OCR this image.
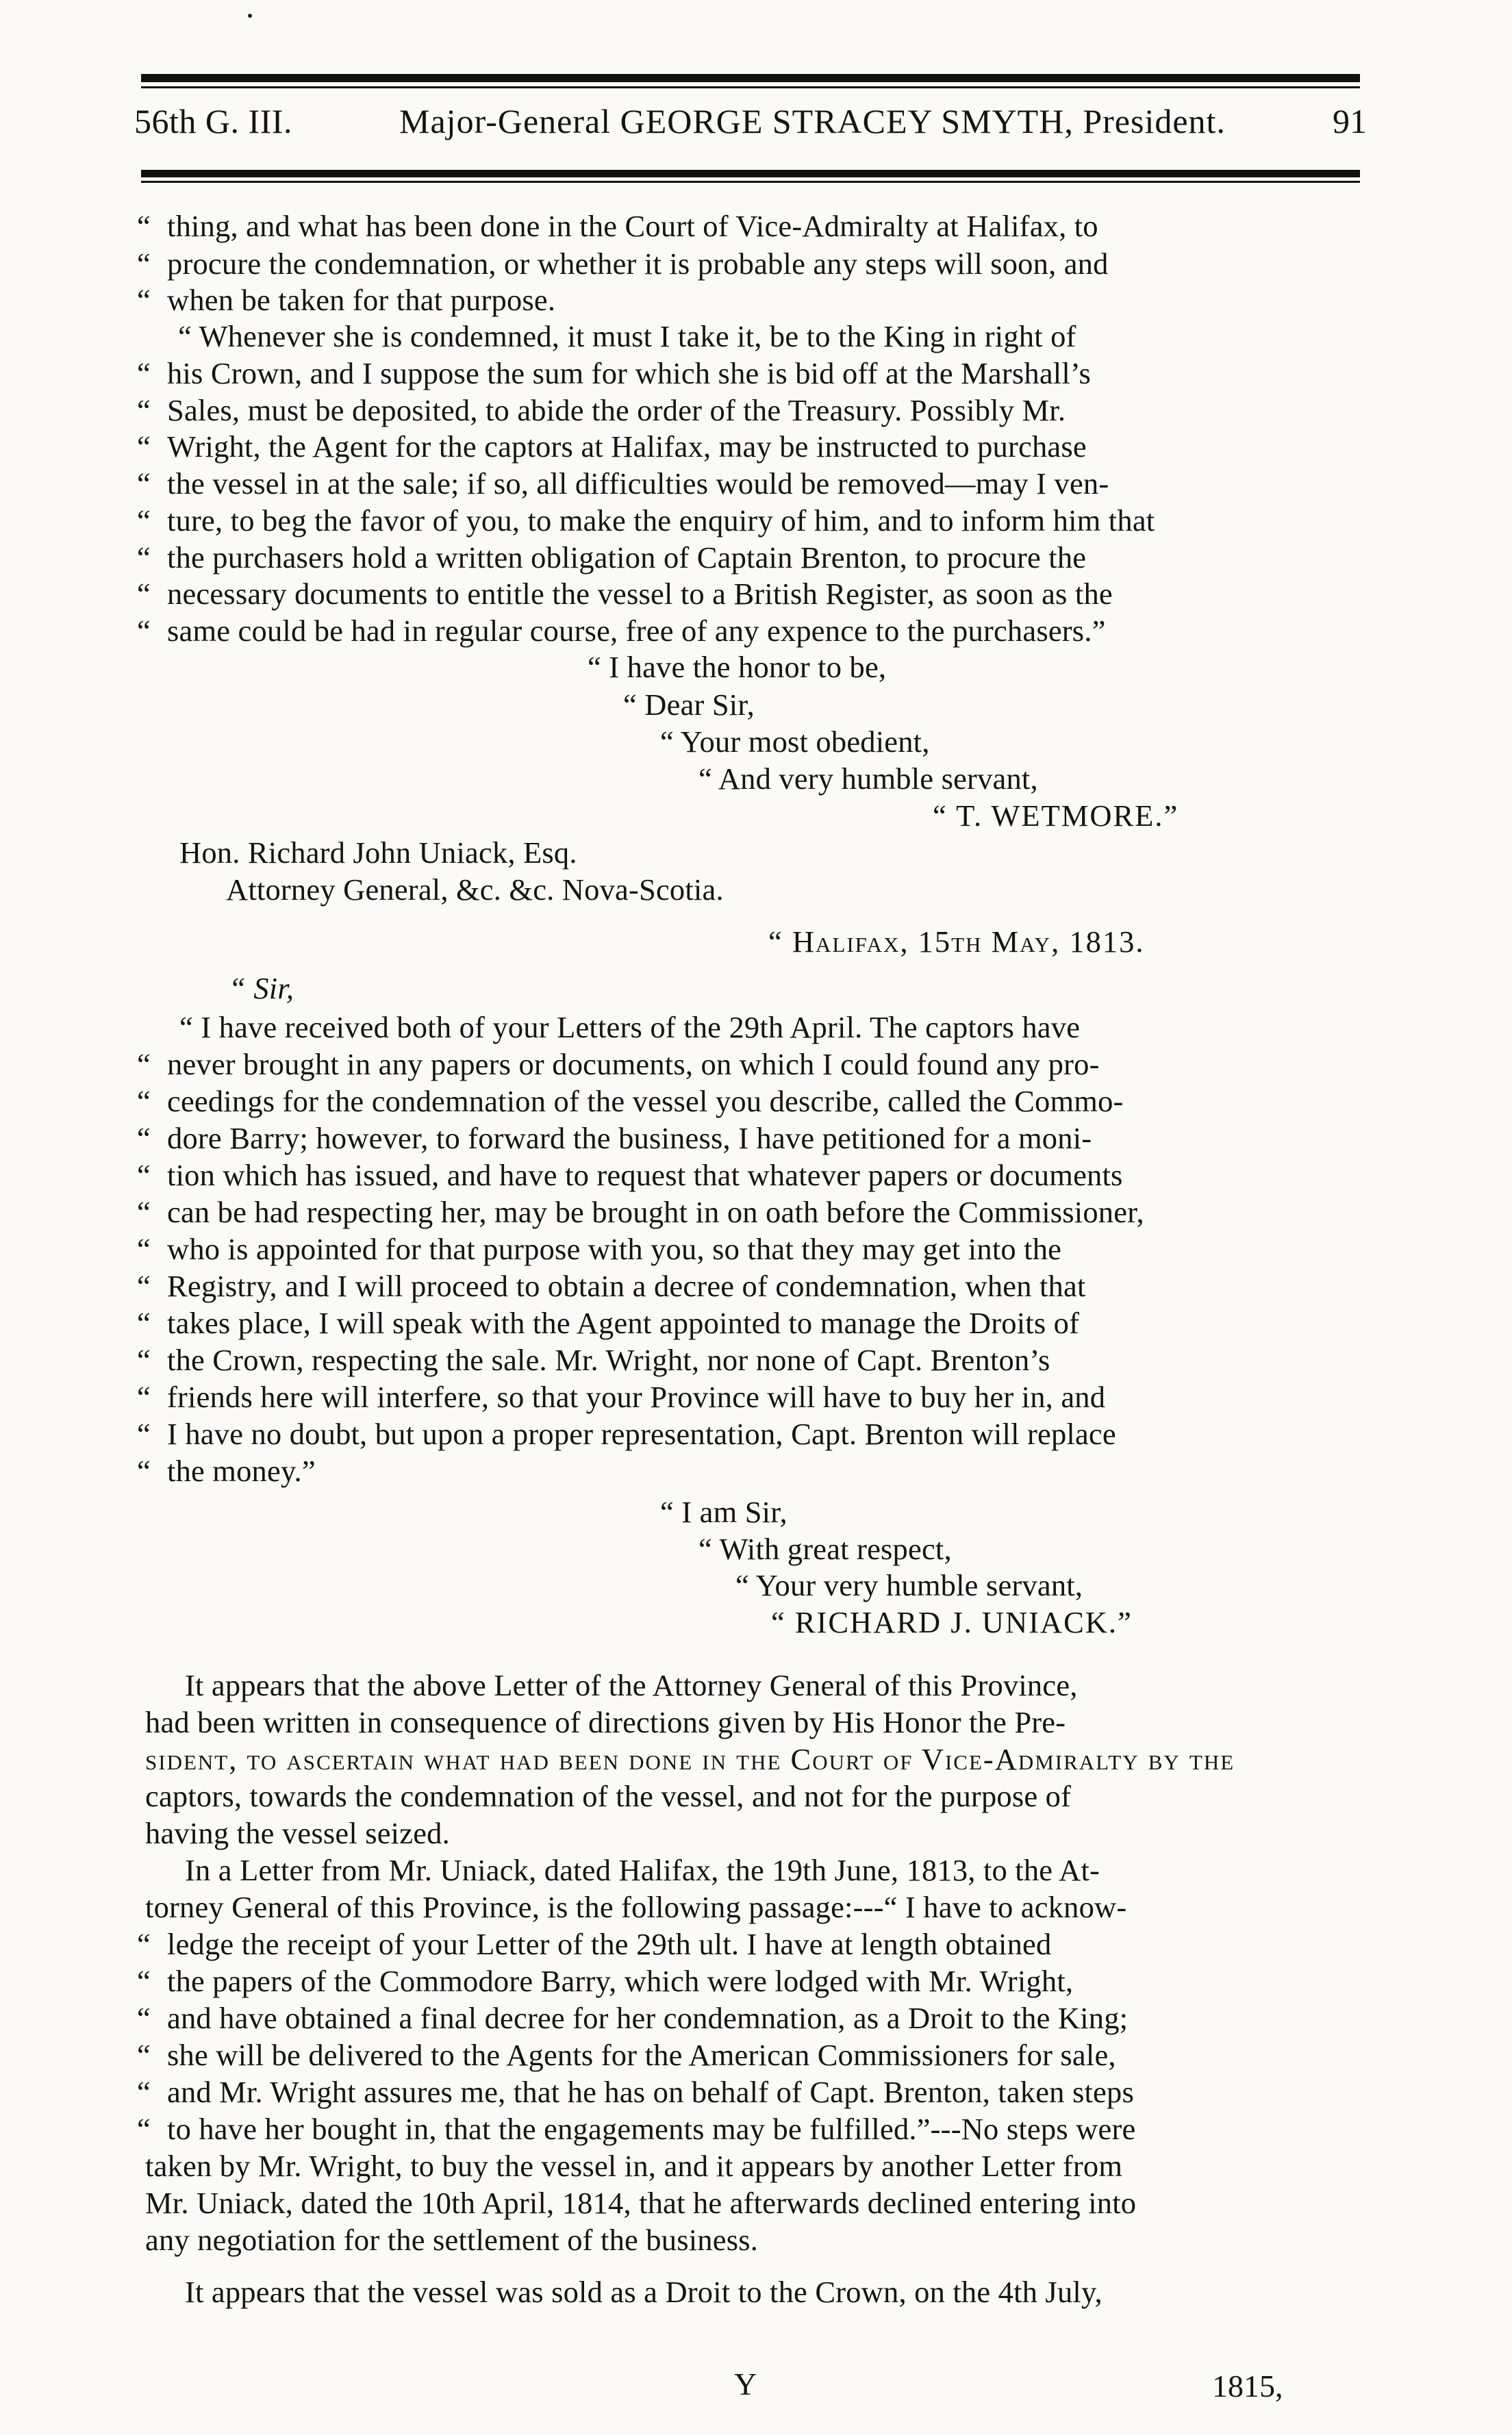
56th G. III.	Major-General GEORGE STRACEY SMYTH, President.	91
“ thing, and what has been done in the Court of Vice-Admiralty at Halifax, to
“ procure the condemnation, or whether it is probable any steps will soon, and
“ when be taken for that purpose.
“ Whenever she is condemned, it must I take it, be to the King in right of
“ his Crown, and I suppose the sum for which she is bid off at the Marshall’s
“ Sales, must be deposited, to abide the order of the Treasury. Possibly Mr.
“ Wright, the Agent for the captors at Halifax, may be instructed to purchase
“ the vessel in at the sale; if so, all difficulties would be removed—may I ven-
“ ture, to beg the favor of you, to make the enquiry of him, and to inform him that
“ the purchasers hold a written obligation of Captain Brenton, to procure the
“ necessary documents to entitle the vessel to a British Register, as soon as the
“ same could be had in regular course, free of any expence to the purchasers.”
“ I have the honor to be,
“ Dear Sir,
“ Your most obedient,
“ And very humble servant,
“ T. WETMORE.”
Hon. Richard John Uniack, Esq.
Attorney General, &c. &c. Nova-Scotia.
“ Halifax, 15th May, 1813.
“ Sir,
“ I have received both of your Letters of the 29th April. The captors have
“ never brought in any papers or documents, on which I could found any pro-
“ ceedings for the condemnation of the vessel you describe, called the Commo-
“ dore Barry; however, to forward the business, I have petitioned for a moni-
“ tion which has issued, and have to request that whatever papers or documents
“ can be had respecting her, may be brought in on oath before the Commissioner,
“ who is appointed for that purpose with you, so that they may get into the
“ Registry, and I will proceed to obtain a decree of condemnation, when that
“ takes place, I will speak with the Agent appointed to manage the Droits of
“ the Crown, respecting the sale. Mr. Wright, nor none of Capt. Brenton’s
“ friends here will interfere, so that your Province will have to buy her in, and
“ I have no doubt, but upon a proper representation, Capt. Brenton will replace
“ the money.”
“ I am Sir,
“ With great respect,
“ Your very humble servant,
“ RICHARD J. UNIACK.”
It appears that the above Letter of the Attorney General of this Province,
had been written in consequence of directions given by His Honor the Pre-
sident, to ascertain what had been done in the Court of Vice-Admiralty by the
captors, towards the condemnation of the vessel, and not for the purpose of
having the vessel seized.
In a Letter from Mr. Uniack, dated Halifax, the 19th June, 1813, to the At-
torney General of this Province, is the following passage:---“ I have to acknow-
“ ledge the receipt of your Letter of the 29th ult. I have at length obtained
“ the papers of the Commodore Barry, which were lodged with Mr. Wright,
“ and have obtained a final decree for her condemnation, as a Droit to the King;
“ she will be delivered to the Agents for the American Commissioners for sale,
“ and Mr. Wright assures me, that he has on behalf of Capt. Brenton, taken steps
“ to have her bought in, that the engagements may be fulfilled.”---No steps were
taken by Mr. Wright, to buy the vessel in, and it appears by another Letter from
Mr. Uniack, dated the 10th April, 1814, that he afterwards declined entering into
any negotiation for the settlement of the business.
It appears that the vessel was sold as a Droit to the Crown, on the 4th July,
Y	1815,
